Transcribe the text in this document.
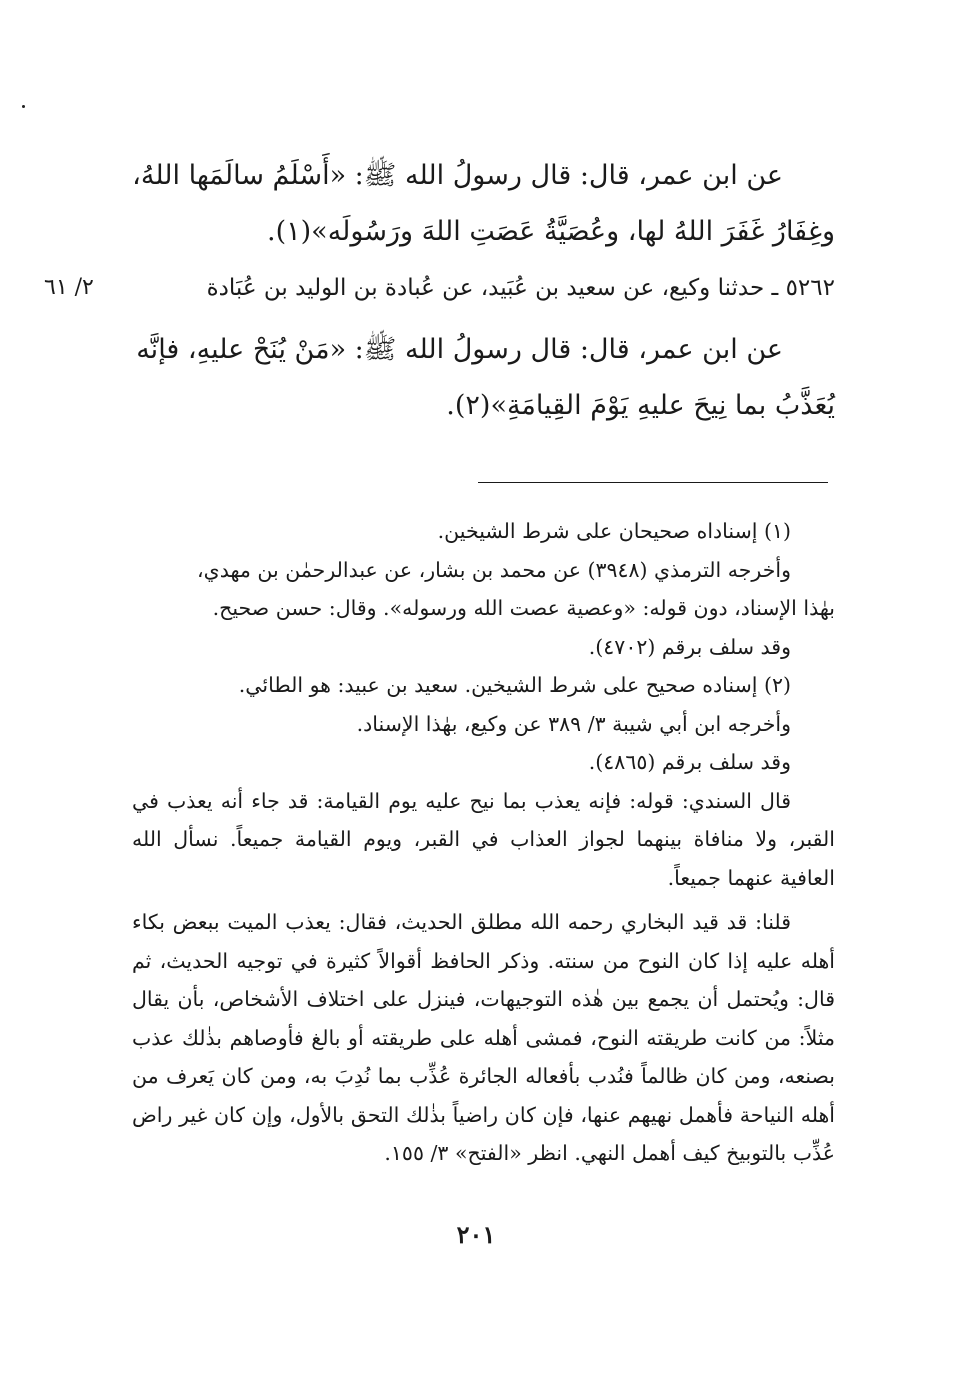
عن ابن عمر، قال: قال رسولُ الله ﷺ: «أَسْلَمُ سالَمَها اللهُ،

وغِفَارُ غَفَرَ اللهُ لها، وعُصَيَّةُ عَصَتِ اللهَ ورَسُولَه»(١).

٥٢٦٢ ـ حدثنا وكيع، عن سعيد بن عُبَيد، عن عُبادة بن الوليد بن عُبَادة
٢/ ٦١

عن ابن عمر، قال: قال رسولُ الله ﷺ: «مَنْ يُنَحْ عليهِ، فإنَّه

يُعَذَّبُ بما نِيحَ عليهِ يَوْمَ القِيامَةِ»(٢).

(١) إسناداه صحيحان على شرط الشيخين.

وأخرجه الترمذي (٣٩٤٨) عن محمد بن بشار، عن عبدالرحمٰن بن مهدي،

بهٰذا الإسناد، دون قوله: «وعصية عصت الله ورسوله». وقال: حسن صحيح.

وقد سلف برقم (٤٧٠٢).

(٢) إسناده صحيح على شرط الشيخين. سعيد بن عبيد: هو الطائي.

وأخرجه ابن أبي شيبة ٣/ ٣٨٩ عن وكيع، بهٰذا الإسناد.

وقد سلف برقم (٤٨٦٥).

قال السندي: قوله: فإنه يعذب بما نيح عليه يوم القيامة: قد جاء أنه يعذب في القبر، ولا منافاة بينهما لجواز العذاب في القبر، ويوم القيامة جميعاً. نسأل الله العافية عنهما جميعاً.

قلنا: قد قيد البخاري رحمه الله مطلق الحديث، فقال: يعذب الميت ببعض بكاء أهله عليه إذا كان النوح من سنته. وذكر الحافظ أقوالاً كثيرة في توجيه الحديث، ثم قال: ويُحتمل أن يجمع بين هٰذه التوجيهات، فينزل على اختلاف الأشخاص، بأن يقال مثلاً: من كانت طريقته النوح، فمشى أهله على طريقته أو بالغ فأوصاهم بذٰلك عذب بصنعه، ومن كان ظالماً فنُدب بأفعاله الجائرة عُذِّب بما نُدِبَ به، ومن كان يَعرف من أهله النياحة فأهمل نهيهم عنها، فإن كان راضياً بذٰلك التحق بالأول، وإن كان غير راض عُذِّب بالتوبيخ كيف أهمل النهي. انظر «الفتح» ٣/ ١٥٥.

٢٠١
